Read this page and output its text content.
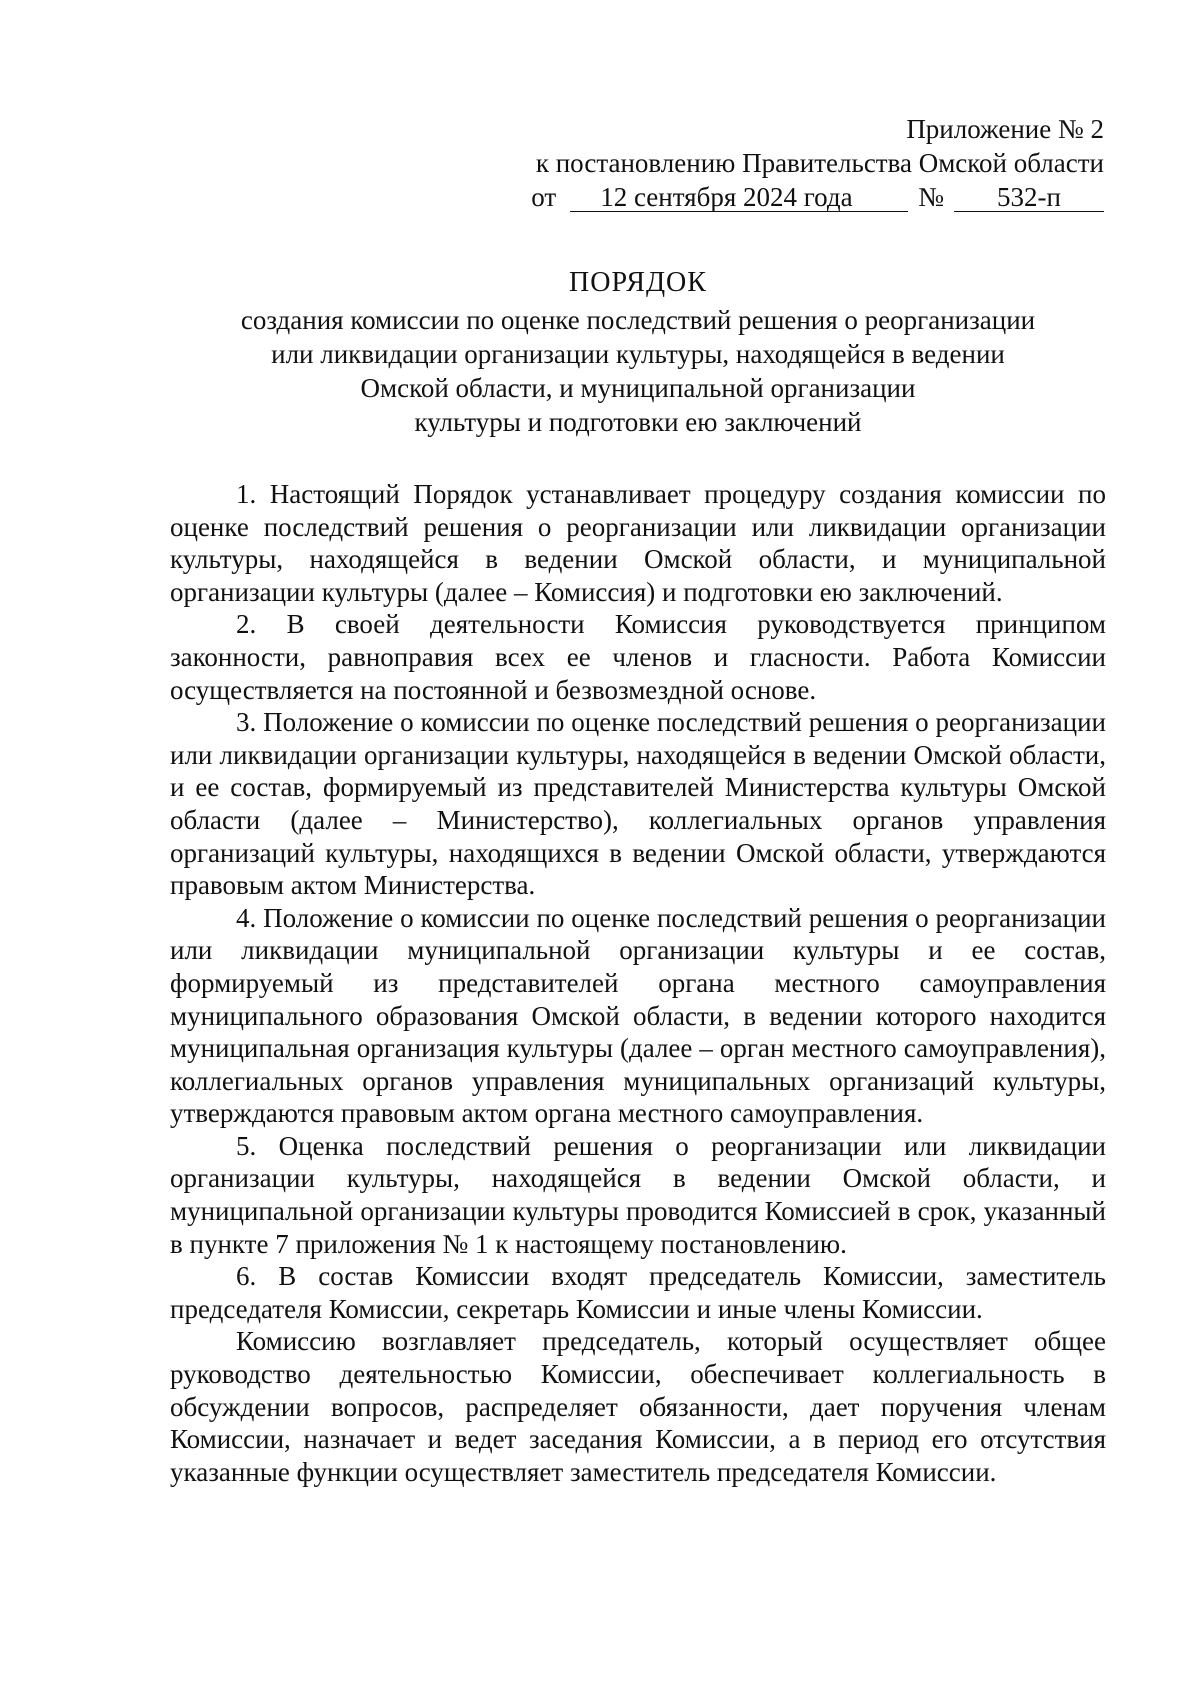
Приложение № 2
к постановлению Правительства Омской области
от	12 сентября 2024 года	№	532-п
ПОРЯДОК
создания комиссии по оценке последствий решения о реорганизации
или ликвидации организации культуры, находящейся в ведении
Омской области, и муниципальной организации
культуры и подготовки ею заключений

1. Настоящий Порядок устанавливает процедуру создания комиссии по оценке последствий решения о реорганизации или ликвидации организации культуры, находящейся в ведении Омской области, и муниципальной организации культуры (далее – Комиссия) и подготовки ею заключений.

2. В своей деятельности Комиссия руководствуется принципом законности, равноправия всех ее членов и гласности. Работа Комиссии осуществляется на постоянной и безвозмездной основе.

3. Положение о комиссии по оценке последствий решения о реорганизации или ликвидации организации культуры, находящейся в ведении Омской области, и ее состав, формируемый из представителей Министерства культуры Омской области (далее – Министерство), коллегиальных органов управления организаций культуры, находящихся в ведении Омской области, утверждаются правовым актом Министерства.

4. Положение о комиссии по оценке последствий решения о реорганизации или ликвидации муниципальной организации культуры и ее состав, формируемый из представителей органа местного самоуправления муниципального образования Омской области, в ведении которого находится муниципальная организация культуры (далее – орган местного самоуправления), коллегиальных органов управления муниципальных организаций культуры, утверждаются правовым актом органа местного самоуправления.

5. Оценка последствий решения о реорганизации или ликвидации организации культуры, находящейся в ведении Омской области, и муниципальной организации культуры проводится Комиссией в срок, указанный в пункте 7 приложения № 1 к настоящему постановлению.

6. В состав Комиссии входят председатель Комиссии, заместитель председателя Комиссии, секретарь Комиссии и иные члены Комиссии.

Комиссию возглавляет председатель, который осуществляет общее руководство деятельностью Комиссии, обеспечивает коллегиальность в обсуждении вопросов, распределяет обязанности, дает поручения членам Комиссии, назначает и ведет заседания Комиссии, а в период его отсутствия указанные функции осуществляет заместитель председателя Комиссии.
